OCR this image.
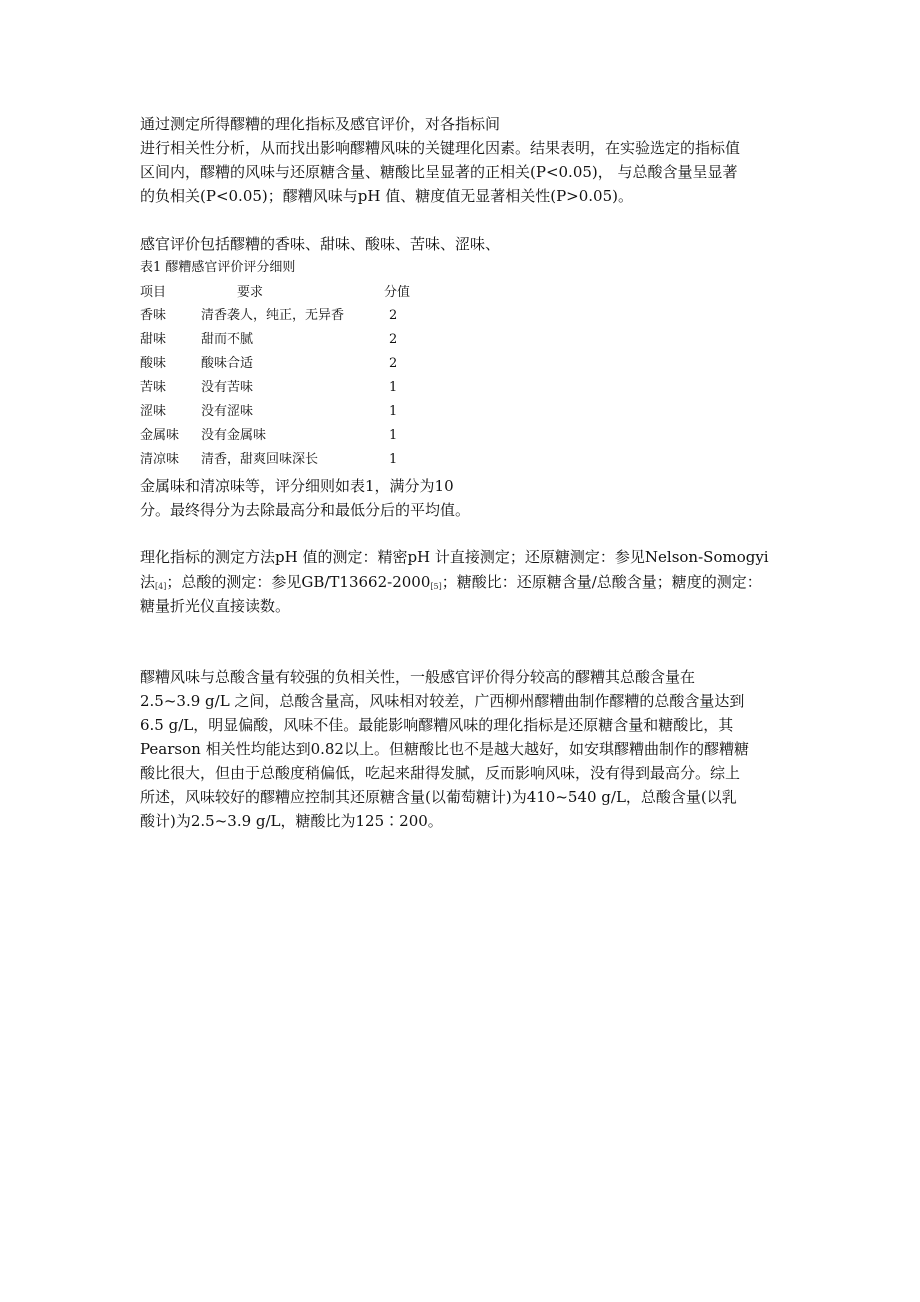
通过测定所得醪糟的理化指标及感官评价，对各指标间
进行相关性分析，从而找出影响醪糟风味的关键理化因素。结果表明，在实验选定的指标值
区间内，醪糟的风味与还原糖含量、糖酸比呈显著的正相关(P<0.05)， 与总酸含量呈显著
的负相关(P<0.05)；醪糟风味与pH 值、糖度值无显著相关性(P>0.05)。
感官评价包括醪糟的香味、甜味、酸味、苦味、涩味、
表1 醪糟感官评价评分细则
项目	要求	分值
香味	清香袭人，纯正，无异香	2
甜味	甜而不腻	2
酸味	酸味合适	2
苦味	没有苦味	1
涩味	没有涩味	1
金属味 没有金属味	1
清凉味 清香，甜爽回味深长	1
金属味和清凉味等，评分细则如表1，满分为10
分。最终得分为去除最高分和最低分后的平均值。
理化指标的测定方法pH 值的测定：精密pH 计直接测定；还原糖测定：参见Nelson-Somogyi
法[4]；总酸的测定：参见GB/T13662-2000[5]；糖酸比：还原糖含量/总酸含量；糖度的测定：
糖量折光仪直接读数。
醪糟风味与总酸含量有较强的负相关性，一般感官评价得分较高的醪糟其总酸含量在
2.5~3.9 g/L 之间，总酸含量高，风味相对较差，广西柳州醪糟曲制作醪糟的总酸含量达到
6.5 g/L，明显偏酸，风味不佳。最能影响醪糟风味的理化指标是还原糖含量和糖酸比，其
Pearson 相关性均能达到0.82以上。但糖酸比也不是越大越好，如安琪醪糟曲制作的醪糟糖
酸比很大，但由于总酸度稍偏低，吃起来甜得发腻，反而影响风味，没有得到最高分。综上
所述，风味较好的醪糟应控制其还原糖含量(以葡萄糖计)为410~540 g/L，总酸含量(以乳
酸计)为2.5~3.9 g/L，糖酸比为125∶200。
